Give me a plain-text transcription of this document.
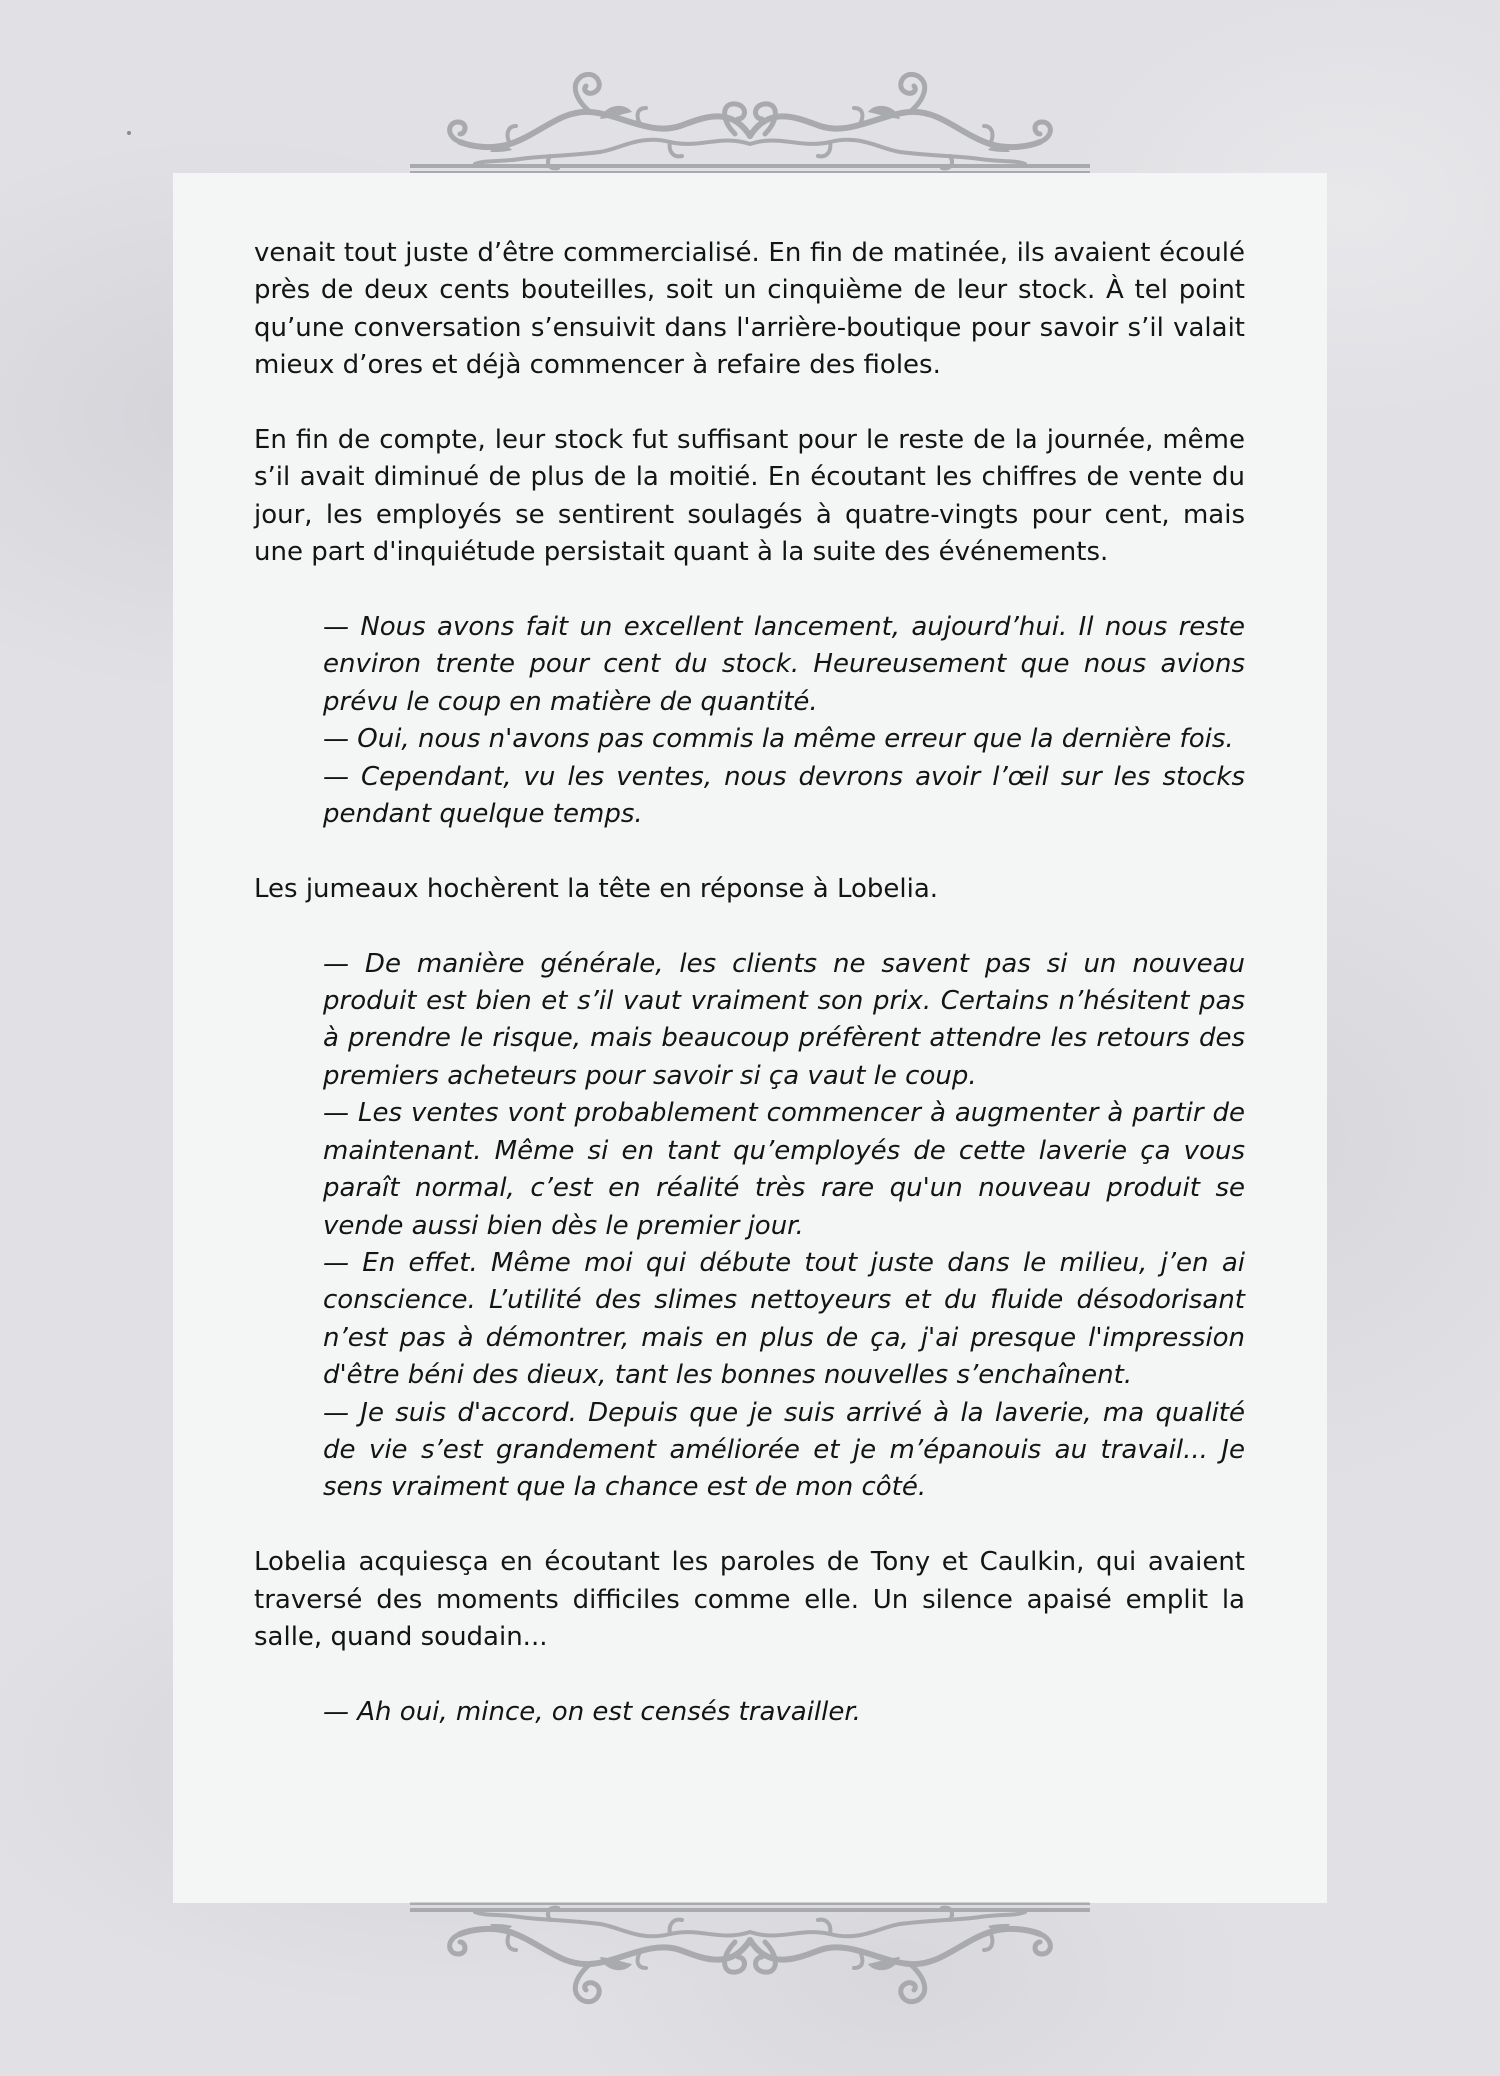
venait tout juste d’être commercialisé. En fin de matinée, ils avaient écoulé près de deux cents bouteilles, soit un cinquième de leur stock. À tel point qu’une conversation s’ensuivit dans l'arrière-boutique pour savoir s’il valait mieux d’ores et déjà commencer à refaire des fioles.

En fin de compte, leur stock fut suffisant pour le reste de la journée, même s’il avait diminué de plus de la moitié. En écoutant les chiffres de vente du jour, les employés se sentirent soulagés à quatre-vingts pour cent, mais une part d'inquiétude persistait quant à la suite des événements.

— Nous avons fait un excellent lancement, aujourd’hui. Il nous reste environ trente pour cent du stock. Heureusement que nous avions prévu le coup en matière de quantité.

— Oui, nous n'avons pas commis la même erreur que la dernière fois.

— Cependant, vu les ventes, nous devrons avoir l’œil sur les stocks pendant quelque temps.

Les jumeaux hochèrent la tête en réponse à Lobelia.

— De manière générale, les clients ne savent pas si un nouveau produit est bien et s’il vaut vraiment son prix. Certains n’hésitent pas à prendre le risque, mais beaucoup préfèrent attendre les retours des premiers acheteurs pour savoir si ça vaut le coup.

— Les ventes vont probablement commencer à augmenter à partir de maintenant. Même si en tant qu’employés de cette laverie ça vous paraît normal, c’est en réalité très rare qu'un nouveau produit se vende aussi bien dès le premier jour.

— En effet. Même moi qui débute tout juste dans le milieu, j’en ai conscience. L’utilité des slimes nettoyeurs et du fluide désodorisant n’est pas à démontrer, mais en plus de ça, j'ai presque l'impression d'être béni des dieux, tant les bonnes nouvelles s’enchaînent.

— Je suis d'accord. Depuis que je suis arrivé à la laverie, ma qualité de vie s’est grandement améliorée et je m’épanouis au travail... Je sens vraiment que la chance est de mon côté.

Lobelia acquiesça en écoutant les paroles de Tony et Caulkin, qui avaient traversé des moments difficiles comme elle. Un silence apaisé emplit la salle, quand soudain...

— Ah oui, mince, on est censés travailler.
